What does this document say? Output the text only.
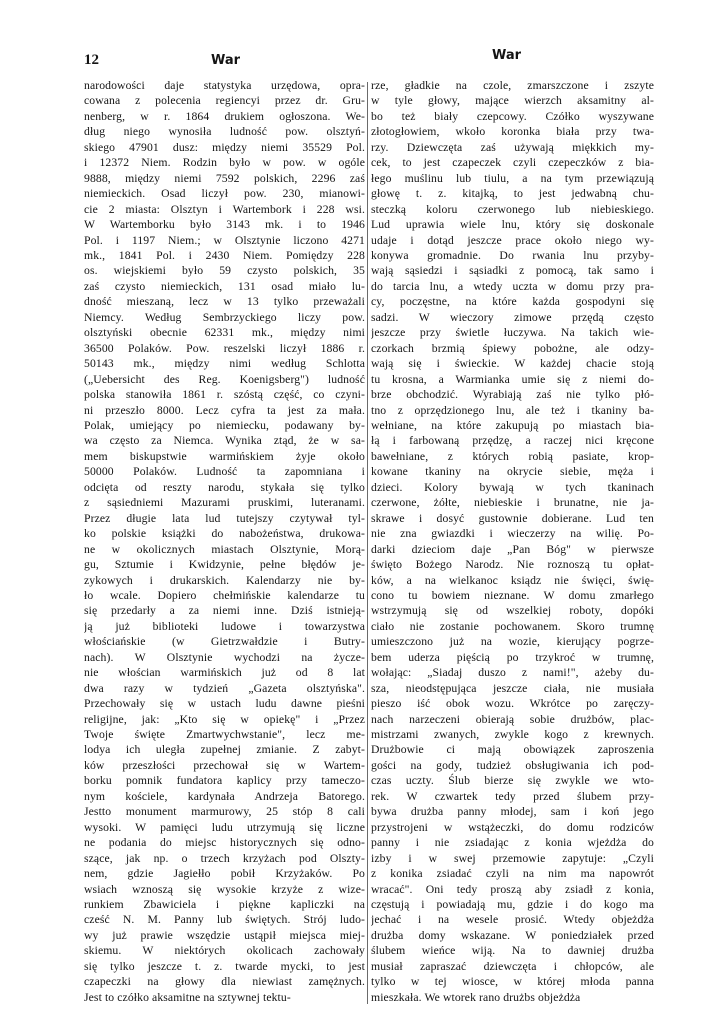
12	War	War
narodowości daje statystyka urzędowa, opra-
cowana z polecenia regiencyi przez dr. Gru-
nenberg, w r. 1864 drukiem ogłoszona. We-
dług niego wynosiła ludność pow. olsztyń-
skiego 47901 dusz: między niemi 35529 Pol.
i 12372 Niem. Rodzin było w pow. w ogóle
9888, między niemi 7592 polskich, 2296 zaś
niemieckich. Osad liczył pow. 230, mianowi-
cie 2 miasta: Olsztyn i Wartembork i 228 wsi.
W Wartemborku było 3143 mk. i to 1946
Pol. i 1197 Niem.; w Olsztynie liczono 4271
mk., 1841 Pol. i 2430 Niem. Pomiędzy 228
os. wiejskiemi było 59 czysto polskich, 35
zaś czysto niemieckich, 131 osad miało lu-
dność mieszaną, lecz w 13 tylko przeważali
Niemcy. Według Sembrzyckiego liczy pow.
olsztyński obecnie 62331 mk., między nimi
36500 Polaków. Pow. reszelski liczył 1886 r.
50143 mk., między nimi według Schlotta
(„Uebersicht des Reg. Koenigsberg") ludność
polska stanowiła 1861 r. szóstą część, co czyni-
ni przeszło 8000. Lecz cyfra ta jest za mała.
Polak, umiejący po niemiecku, podawany by-
wa często za Niemca. Wynika ztąd, że w sa-
mem biskupstwie warmińskiem żyje około
50000 Polaków. Ludność ta zapomniana i
odcięta od reszty narodu, stykała się tylko
z sąsiedniemi Mazurami pruskimi, luteranami.
Przez długie lata lud tutejszy czytywał tyl-
ko polskie książki do nabożeństwa, drukowa-
ne w okolicznych miastach Olsztynie, Morą-
gu, Sztumie i Kwidzynie, pełne błędów je-
zykowych i drukarskich. Kalendarzy nie by-
ło wcale. Dopiero chełmińskie kalendarze tu
się przedarły a za niemi inne. Dziś istnieją-
ją już biblioteki ludowe i towarzystwa
włościańskie (w Gietrzwałdzie i Butry-
nach). W Olsztynie wychodzi na życze-
nie włościan warmińskich już od 8 lat
dwa razy w tydzień „Gazeta olsztyńska".
Przechowały się w ustach ludu dawne pieśni
religijne, jak: „Kto się w opiekę" i „Przez
Twoje święte Zmartwychwstanie", lecz me-
lodya ich uległa zupełnej zmianie. Z zabyt-
ków przeszłości przechował się w Wartem-
borku pomnik fundatora kaplicy przy tameczo-
nym kościele, kardynała Andrzeja Batorego.
Jestto monument marmurowy, 25 stóp 8 cali
wysoki. W pamięci ludu utrzymują się liczne
ne podania do miejsc historycznych się odno-
szące, jak np. o trzech krzyżach pod Olszty-
nem, gdzie Jagiełło pobił Krzyżaków. Po
wsiach wznoszą się wysokie krzyże z wize-
runkiem Zbawiciela i piękne kapliczki na
cześć N. M. Panny lub świętych. Strój ludo-
wy już prawie wszędzie ustąpił miejsca miej-
skiemu. W niektórych okolicach zachowały
się tylko jeszcze t. z. twarde mycki, to jest
czapeczki na głowy dla niewiast zamężnych.
Jest to czółko aksamitne na sztywnej tektu-
rze, gładkie na czole, zmarszczone i zszyte
w tyle głowy, mające wierzch aksamitny al-
bo też biały czepcowy. Czółko wyszywane
złotogłowiem, wkoło koronka biała przy twa-
rzy. Dziewczęta zaś używają miękkich my-
cek, to jest czapeczek czyli czepeczków z bia-
łego muślinu lub tiulu, a na tym przewiązują
głowę t. z. kitajką, to jest jedwabną chu-
steczką koloru czerwonego lub niebieskiego.
Lud uprawia wiele lnu, który się doskonale
udaje i dotąd jeszcze prace około niego wy-
konywa gromadnie. Do rwania lnu przyby-
wają sąsiedzi i sąsiadki z pomocą, tak samo i
do tarcia lnu, a wtedy uczta w domu przy pra-
cy, poczęstne, na które każda gospodyni się
sadzi. W wieczory zimowe przędą często
jeszcze przy świetle łuczywa. Na takich wie-
czorkach brzmią śpiewy pobożne, ale odzy-
wają się i świeckie. W każdej chacie stoją
tu krosna, a Warmianka umie się z niemi do-
brze obchodzić. Wyrabiają zaś nie tylko płó-
tno z oprzędzionego lnu, ale też i tkaniny ba-
wełniane, na które zakupują po miastach bia-
łą i farbowaną przędzę, a raczej nici kręcone
bawełniane, z których robią pasiate, krop-
kowane tkaniny na okrycie siebie, męża i
dzieci. Kolory bywają w tych tkaninach
czerwone, żółte, niebieskie i brunatne, nie ja-
skrawe i dosyć gustownie dobierane. Lud ten
nie zna gwiazdki i wieczerzy na wilię. Po-
darki dzieciom daje „Pan Bóg" w pierwsze
święto Bożego Narodz. Nie roznoszą tu opłat-
ków, a na wielkanoc ksiądz nie święci, świę-
cono tu bowiem nieznane. W domu zmarłego
wstrzymują się od wszelkiej roboty, dopóki
ciało nie zostanie pochowanem. Skoro trumnę
umieszczono już na wozie, kierujący pogrze-
bem uderza pięścią po trzykroć w trumnę,
wołając: „Siadaj duszo z nami!", ażeby du-
sza, nieodstępująca jeszcze ciała, nie musiała
pieszo iść obok wozu. Wkrótce po zaręczy-
nach narzeczeni obierają sobie drużbów, plac-
mistrzami zwanych, zwykle kogo z krewnych.
Drużbowie ci mają obowiązek zaproszenia
gości na gody, tudzież obsługiwania ich pod-
czas uczty. Ślub bierze się zwykle we wto-
rek. W czwartek tedy przed ślubem przy-
bywa drużba panny młodej, sam i koń jego
przystrojeni w wstążeczki, do domu rodziców
panny i nie zsiadając z konia wjeżdża do
izby i w swej przemowie zapytuje: „Czyli
z konika zsiadać czyli na nim ma napowrót
wracać". Oni tedy proszą aby zsiadł z konia,
częstują i powiadają mu, gdzie i do kogo ma
jechać i na wesele prosić. Wtedy objeżdża
drużba domy wskazane. W poniedziałek przed
ślubem wieńce wiją. Na to dawniej drużba
musiał zapraszać dziewczęta i chłopców, ale
tylko w tej wiosce, w której młoda panna
mieszkała. We wtorek rano drużbs objeżdża
